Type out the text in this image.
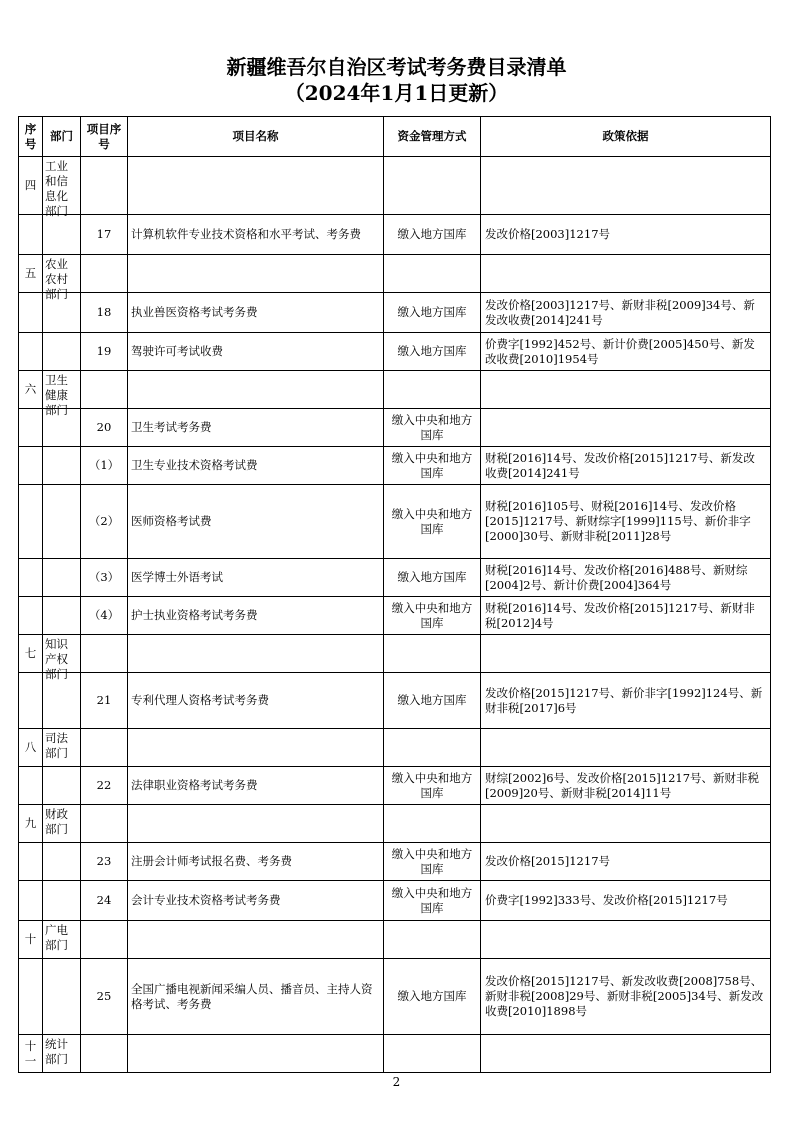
新疆维吾尔自治区考试考务费目录清单
（2024年1月1日更新）
序号	部门	项目序号	项目名称	资金管理方式	政策依据
四	工业和信息化部门				

		17	计算机软件专业技术资格和水平考试、考务费	缴入地方国库	发改价格[2003]1217号
五	农业农村部门				

		18	执业兽医资格考试考务费	缴入地方国库	发改价格[2003]1217号、新财非税[2009]34号、新发改收费[2014]241号
		19	驾驶许可考试收费	缴入地方国库	价费字[1992]452号、新计价费[2005]450号、新发改收费[2010]1954号
六	卫生健康部门				

		20	卫生考试考务费	缴入中央和地方国库	
		（1）	卫生专业技术资格考试费	缴入中央和地方国库	财税[2016]14号、发改价格[2015]1217号、新发改收费[2014]241号
		（2）	医师资格考试费	缴入中央和地方国库	财税[2016]105号、财税[2016]14号、发改价格[2015]1217号、新财综字[1999]115号、新价非字[2000]30号、新财非税[2011]28号
		（3）	医学博士外语考试	缴入地方国库	财税[2016]14号、发改价格[2016]488号、新财综[2004]2号、新计价费[2004]364号
		（4）	护士执业资格考试考务费	缴入中央和地方国库	财税[2016]14号、发改价格[2015]1217号、新财非税[2012]4号
七	知识产权部门				

		21	专利代理人资格考试考务费	缴入地方国库	发改价格[2015]1217号、新价非字[1992]124号、新财非税[2017]6号
八	司法部门				

		22	法律职业资格考试考务费	缴入中央和地方国库	财综[2002]6号、发改价格[2015]1217号、新财非税[2009]20号、新财非税[2014]11号
九	财政部门				

		23	注册会计师考试报名费、考务费	缴入中央和地方国库	发改价格[2015]1217号
		24	会计专业技术资格考试考务费	缴入中央和地方国库	价费字[1992]333号、发改价格[2015]1217号
十	广电部门				

		25	全国广播电视新闻采编人员、播音员、主持人资格考试、考务费	缴入地方国库	发改价格[2015]1217号、新发改收费[2008]758号、新财非税[2008]29号、新财非税[2005]34号、新发改收费[2010]1898号
十一	统计部门				

2
